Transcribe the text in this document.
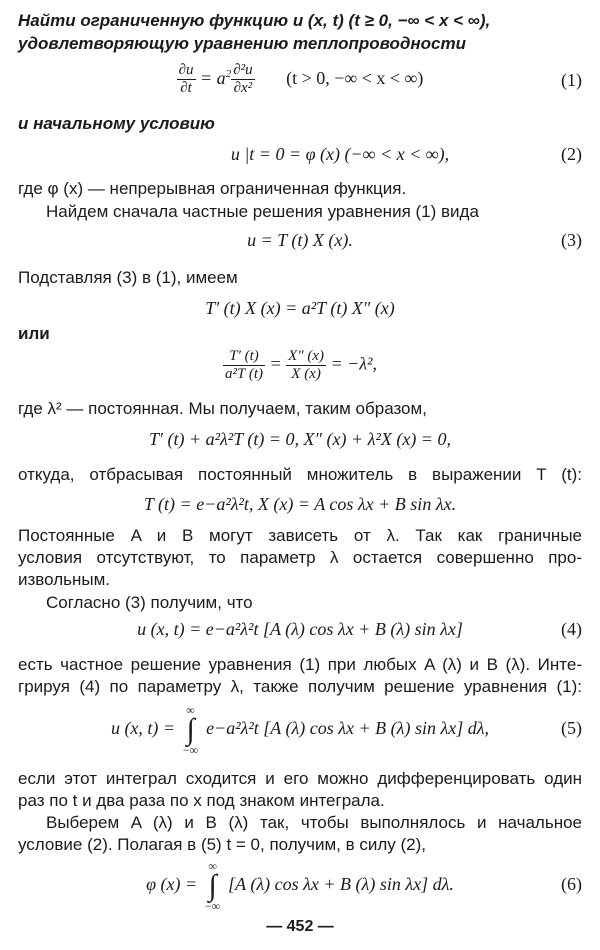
Найти ограниченную функцию u (x, t) (t ≥ 0, −∞ < x < ∞),
удовлетворяющую уравнению теплопроводности
$\frac{\partial u}{\partial t} = a^2 \frac{\text{∂²u}}{\text{∂x²}} (t > 0$, −∞ < x < ∞)	(1)
и начальному условию
u |t = 0 = φ (x) (−∞ < x < ∞),	(2)
где φ (x) — непрерывная ограниченная функция.
Найдем сначала частные решения уравнения (1) вида
u = T (t) X (x).	(3)
Подставляя (3) в (1), имеем
T′ (t) X (x) = a²T (t) X″ (x)
или
$\frac{T' (t)}{\text{a²T (t)}} = \frac{X'' (x)}{X (x)} = -\lambda^2$,
где λ² — постоянная. Мы получаем, таким образом,
T′ (t) + a²λ²T (t) = 0, X″ (x) + λ²X (x) = 0,
откуда, отбрасывая постоянный множитель в выражении T (t):
T (t) = e−a²λ²t, X (x) = A cos λx + B sin λx.
Постоянные A и B могут зависеть от λ. Так как граничные
условия отсутствуют, то параметр λ остается совершенно про-
извольным.
Согласно (3) получим, что
u (x, t) = e−a²λ²t [A (λ) cos λx + B (λ) sin λx]	(4)
есть частное решение уравнения (1) при любых A (λ) и B (λ). Инте-
грируя (4) по параметру λ, также получим решение уравнения (1):
u (x, t) =
∞
∫
−∞
e−a²λ²t [A (λ) cos λx + B (λ) sin λx] dλ,	(5)
если этот интеграл сходится и его можно дифференцировать один
раз по t и два раза по x под знаком интеграла.
Выберем A (λ) и B (λ) так, чтобы выполнялось и начальное
условие (2). Полагая в (5) t = 0, получим, в силу (2),
φ (x) =
∞
∫
−∞
[A (λ) cos λx + B (λ) sin λx] dλ.	(6)
— 452 —
